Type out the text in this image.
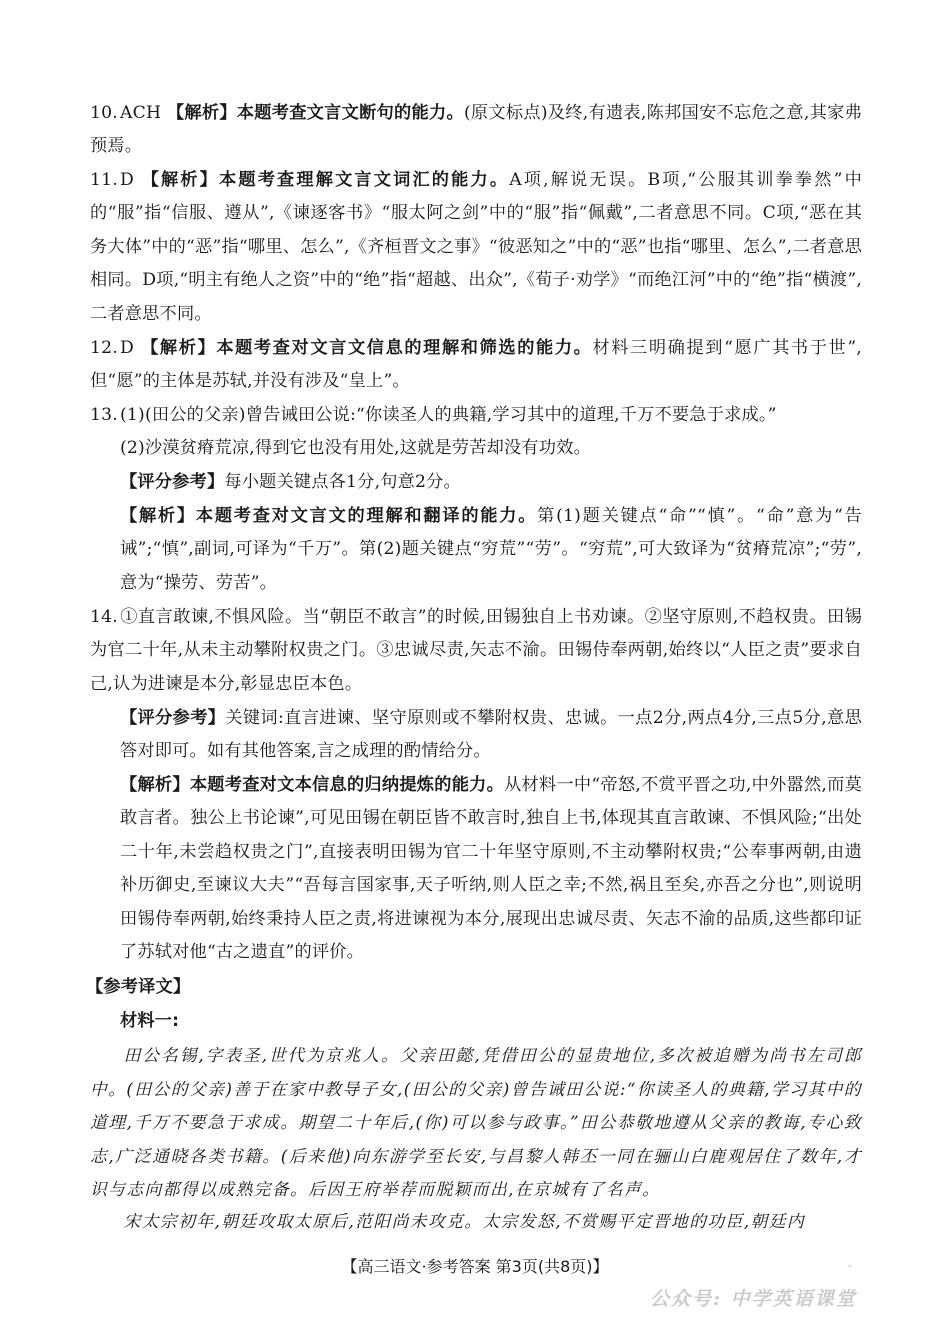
10. ACH 【解析】本题考查文言文断句的能力。(原文标点)及终,有遗表,陈邦国安不忘危之意,其家弗预焉。

11. D 【解析】本题考查理解文言文词汇的能力。A项,解说无误。B项,“公服其训拳拳然”中的“服”指“信服、遵从”,《谏逐客书》“服太阿之剑”中的“服”指“佩戴”,二者意思不同。C项,“恶在其务大体”中的“恶”指“哪里、怎么”,《齐桓晋文之事》“彼恶知之”中的“恶”也指“哪里、怎么”,二者意思相同。D项,“明主有绝人之资”中的“绝”指“超越、出众”,《荀子·劝学》“而绝江河”中的“绝”指“横渡”,二者意思不同。

12. D 【解析】本题考查对文言文信息的理解和筛选的能力。材料三明确提到“愿广其书于世”,但“愿”的主体是苏轼,并没有涉及“皇上”。

13. (1)(田公的父亲)曾告诫田公说:“你读圣人的典籍,学习其中的道理,千万不要急于求成。”

(2)沙漠贫瘠荒凉,得到它也没有用处,这就是劳苦却没有功效。

【评分参考】每小题关键点各1分,句意2分。

【解析】本题考查对文言文的理解和翻译的能力。第(1)题关键点“命”“慎”。“命”意为“告诫”;“慎”,副词,可译为“千万”。第(2)题关键点“穷荒”“劳”。“穷荒”,可大致译为“贫瘠荒凉”;“劳”,意为“操劳、劳苦”。

14. ①直言敢谏,不惧风险。当“朝臣不敢言”的时候,田锡独自上书劝谏。②坚守原则,不趋权贵。田锡为官二十年,从未主动攀附权贵之门。③忠诚尽责,矢志不渝。田锡侍奉两朝,始终以“人臣之责”要求自己,认为进谏是本分,彰显忠臣本色。

【评分参考】关键词:直言进谏、坚守原则或不攀附权贵、忠诚。一点2分,两点4分,三点5分,意思答对即可。如有其他答案,言之成理的酌情给分。

【解析】本题考查对文本信息的归纳提炼的能力。从材料一中“帝怒,不赏平晋之功,中外嚣然,而莫敢言者。独公上书论谏”,可见田锡在朝臣皆不敢言时,独自上书,体现其直言敢谏、不惧风险;“出处二十年,未尝趋权贵之门”,直接表明田锡为官二十年坚守原则,不主动攀附权贵;“公奉事两朝,由遗补历御史,至谏议大夫”“吾每言国家事,天子听纳,则人臣之幸;不然,祸且至矣,亦吾之分也”,则说明田锡侍奉两朝,始终秉持人臣之责,将进谏视为本分,展现出忠诚尽责、矢志不渝的品质,这些都印证了苏轼对他“古之遗直”的评价。

【参考译文】

材料一:

田公名锡,字表圣,世代为京兆人。父亲田懿,凭借田公的显贵地位,多次被追赠为尚书左司郎中。(田公的父亲)善于在家中教导子女,(田公的父亲)曾告诫田公说:“你读圣人的典籍,学习其中的道理,千万不要急于求成。期望二十年后,(你)可以参与政事。”田公恭敬地遵从父亲的教诲,专心致志,广泛通晓各类书籍。(后来他)向东游学至长安,与昌黎人韩丕一同在骊山白鹿观居住了数年,才识与志向都得以成熟完备。后因王府举荐而脱颖而出,在京城有了名声。

宋太宗初年,朝廷攻取太原后,范阳尚未攻克。太宗发怒,不赏赐平定晋地的功臣,朝廷内

【高三语文·参考答案 第3页(共8页)】	··
公众号: 中学英语课堂
